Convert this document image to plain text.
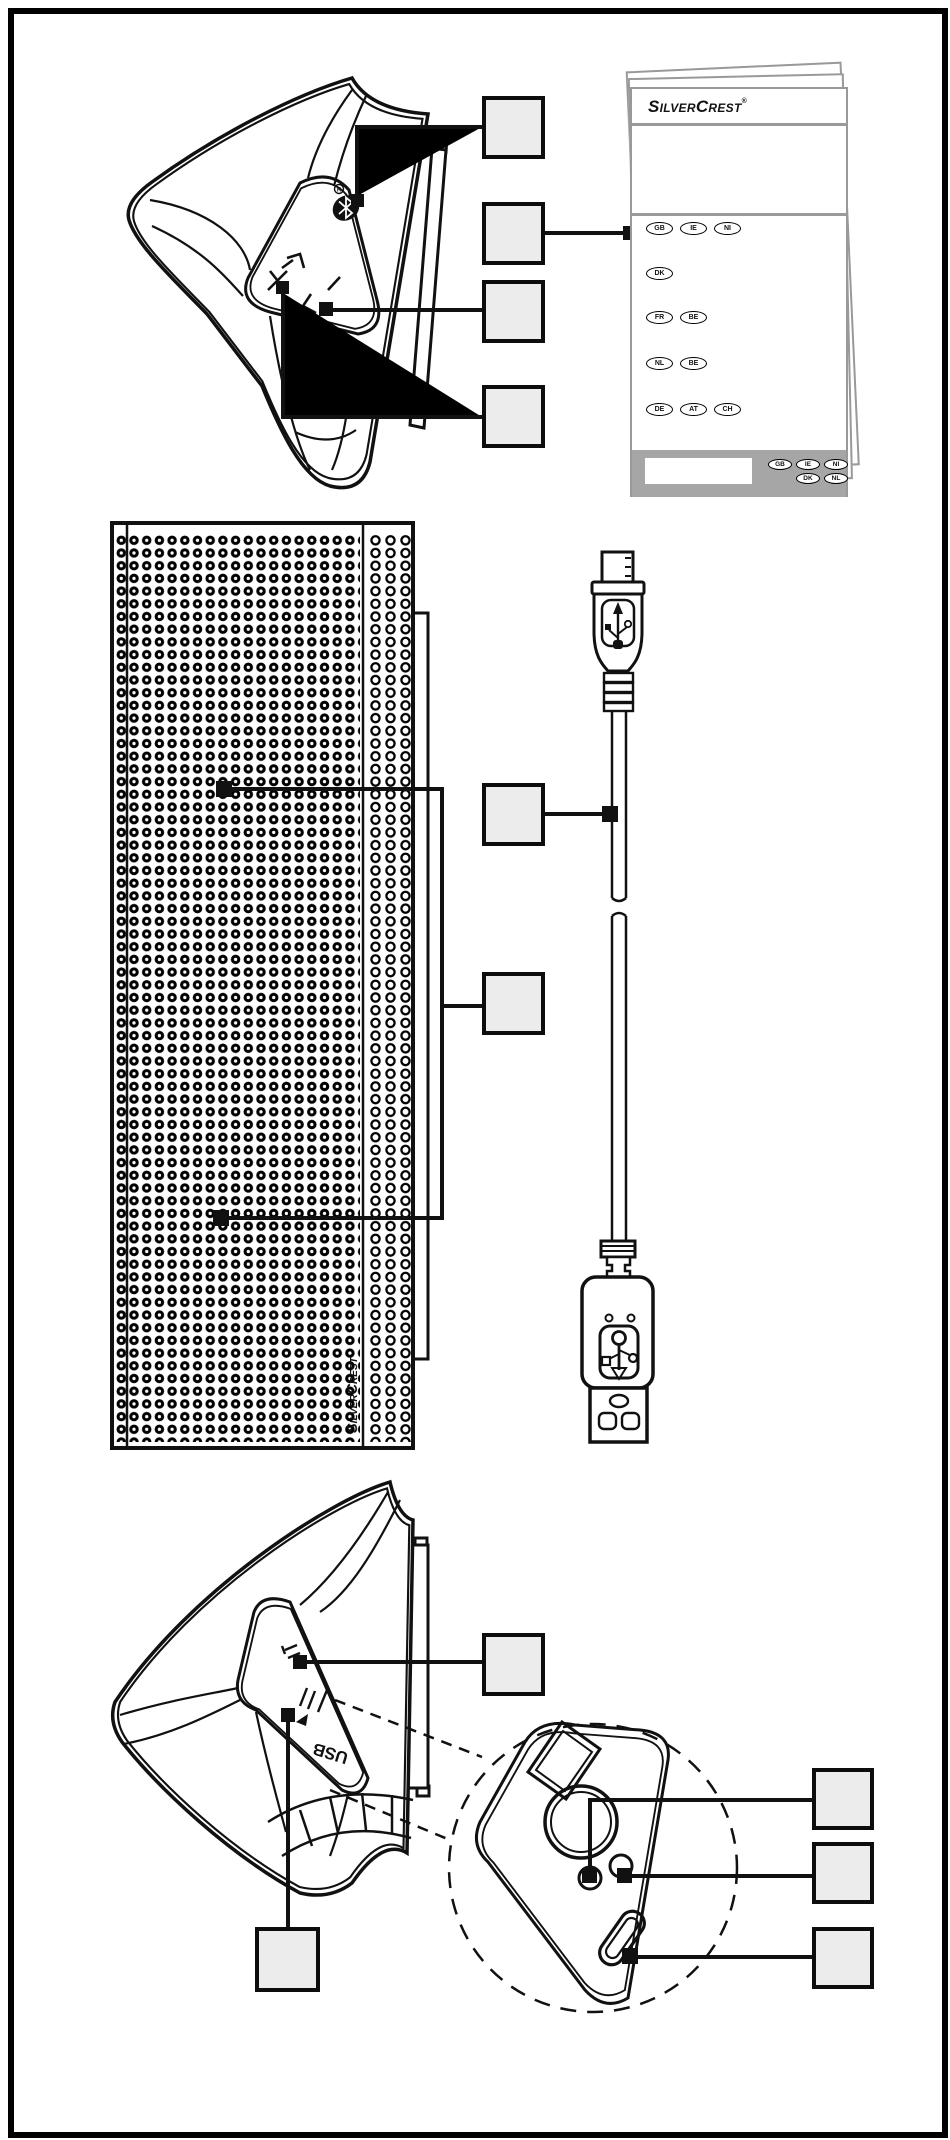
R
SilverCrest
USB
SilverCrest®
GB	IE	NI
DK
FR	BE
NL	BE
DE	AT	CH
GB	IE	NI
DK	NL
